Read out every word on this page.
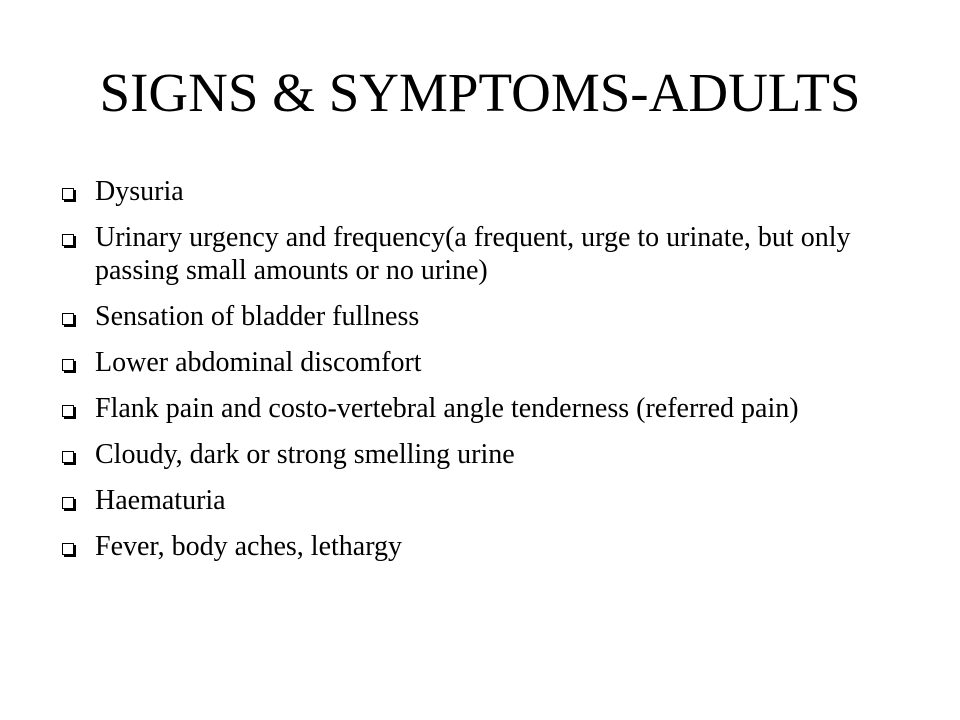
SIGNS & SYMPTOMS-ADULTS
Dysuria
Urinary urgency and frequency(a frequent, urge to urinate, but only passing small amounts or no urine)
Sensation of bladder fullness
Lower abdominal discomfort
Flank pain and costo-vertebral angle tenderness (referred pain)
Cloudy, dark or strong smelling urine
Haematuria
Fever, body aches, lethargy
